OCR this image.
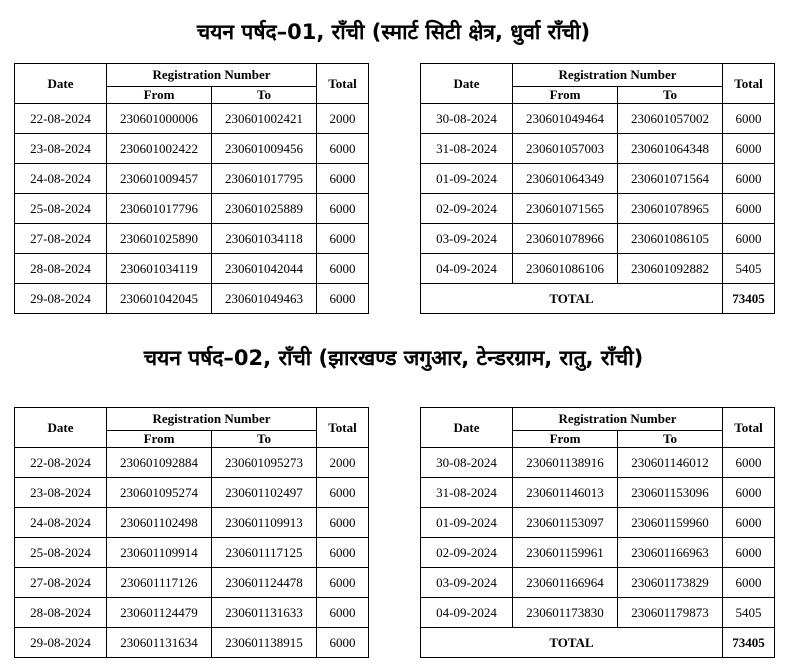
चयन पर्षद–01, राँची (स्मार्ट सिटी क्षेत्र, धुर्वा राँची)
Date	Registration Number		Total
	From	To	
22-08-2024	230601000006	230601002421	2000
23-08-2024	230601002422	230601009456	6000
24-08-2024	230601009457	230601017795	6000
25-08-2024	230601017796	230601025889	6000
27-08-2024	230601025890	230601034118	6000
28-08-2024	230601034119	230601042044	6000
29-08-2024	230601042045	230601049463	6000
Date	Registration Number		Total
	From	To	
30-08-2024	230601049464	230601057002	6000
31-08-2024	230601057003	230601064348	6000
01-09-2024	230601064349	230601071564	6000
02-09-2024	230601071565	230601078965	6000
03-09-2024	230601078966	230601086105	6000
04-09-2024	230601086106	230601092882	5405
TOTAL			73405
चयन पर्षद–02, राँची (झारखण्ड जगुआर, टेन्डरग्राम, रातु, राँची)
Date	Registration Number		Total
	From	To	
22-08-2024	230601092884	230601095273	2000
23-08-2024	230601095274	230601102497	6000
24-08-2024	230601102498	230601109913	6000
25-08-2024	230601109914	230601117125	6000
27-08-2024	230601117126	230601124478	6000
28-08-2024	230601124479	230601131633	6000
29-08-2024	230601131634	230601138915	6000
Date	Registration Number		Total
	From	To	
30-08-2024	230601138916	230601146012	6000
31-08-2024	230601146013	230601153096	6000
01-09-2024	230601153097	230601159960	6000
02-09-2024	230601159961	230601166963	6000
03-09-2024	230601166964	230601173829	6000
04-09-2024	230601173830	230601179873	5405
TOTAL			73405
